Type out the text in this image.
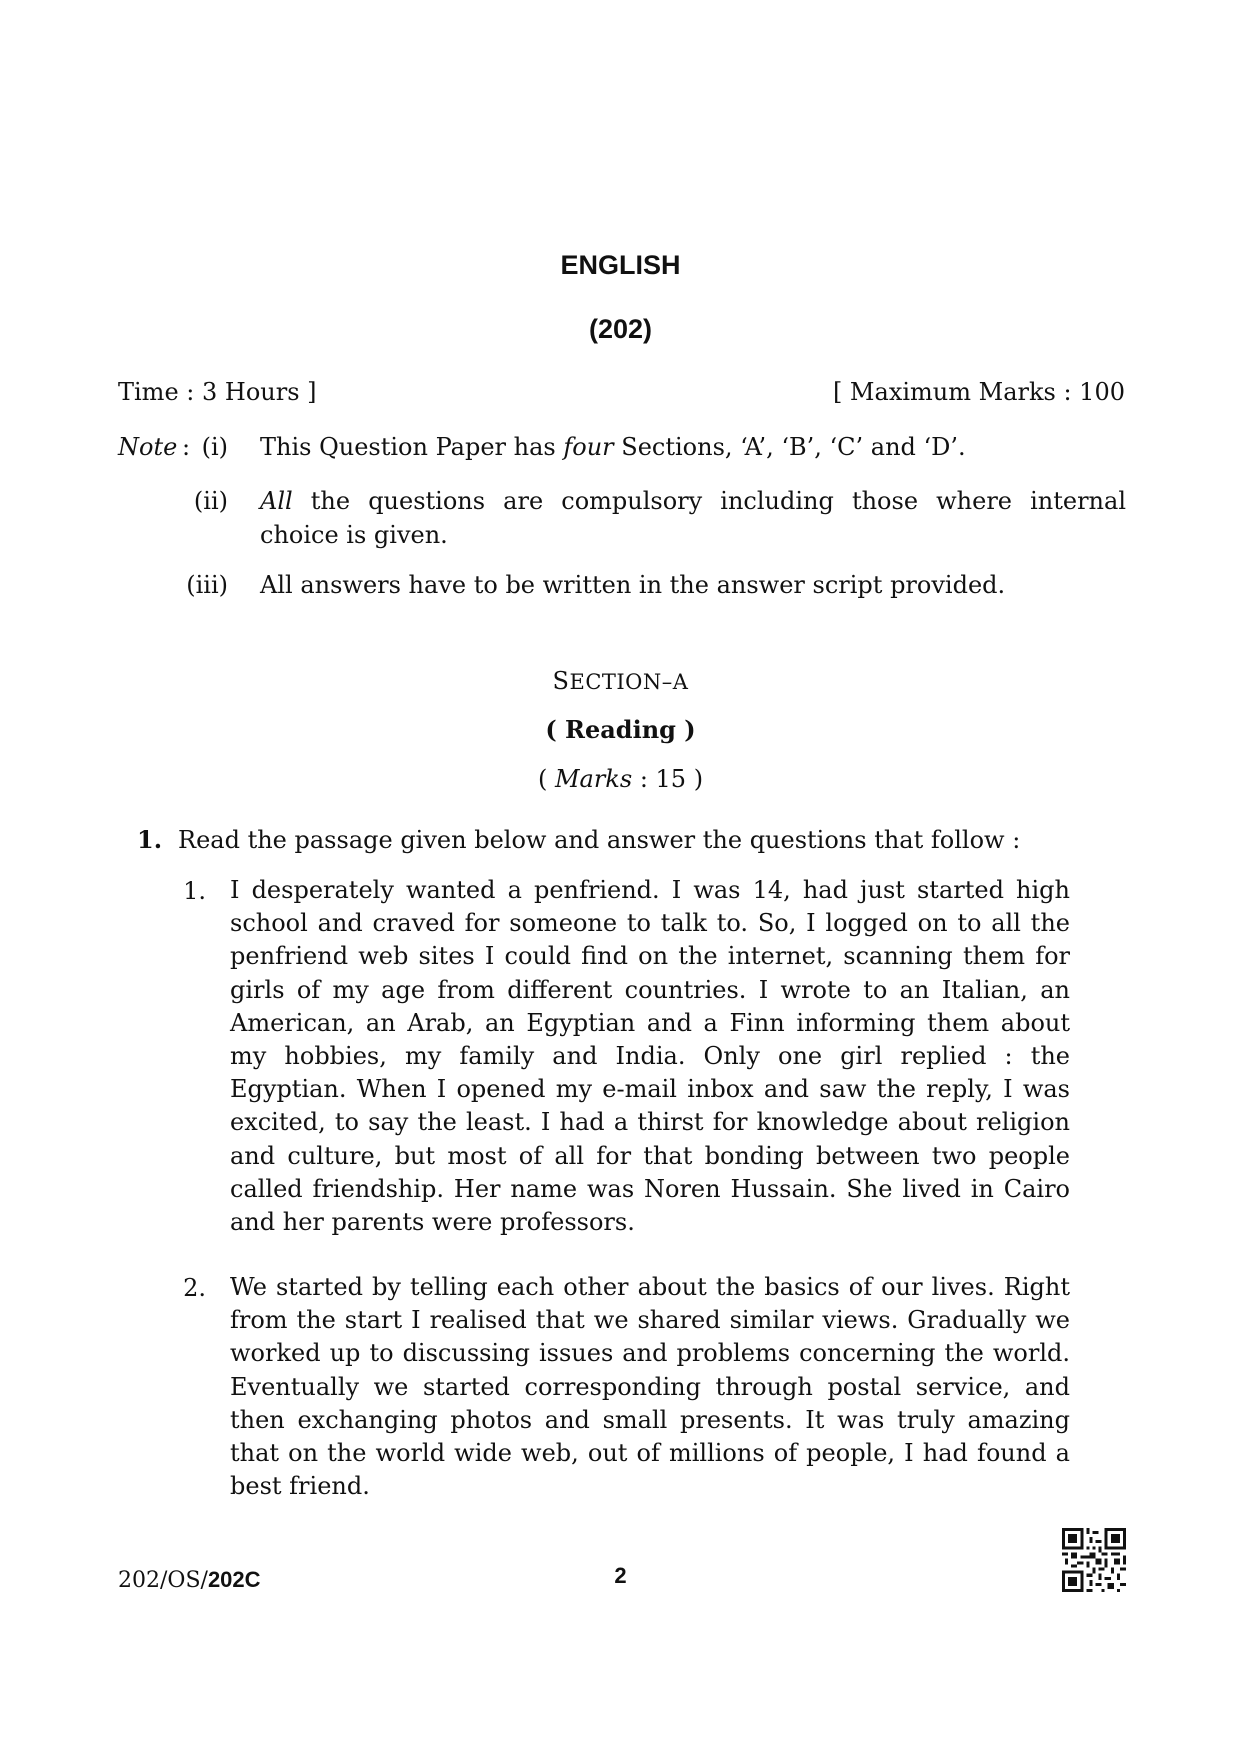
ENGLISH
(202)
Time : 3 Hours ]	[ Maximum Marks : 100
Note : (i) This Question Paper has four Sections, ‘A’, ‘B’, ‘C’ and ‘D’.
(ii) All the questions are compulsory including those where internal choice is given.
(iii) All answers have to be written in the answer script provided.
SECTION–A
( Reading )
( Marks : 15 )
1. Read the passage given below and answer the questions that follow :
1. I desperately wanted a penfriend. I was 14, had just started high school and craved for someone to talk to. So, I logged on to all the penfriend web sites I could find on the internet, scanning them for girls of my age from different countries. I wrote to an Italian, an American, an Arab, an Egyptian and a Finn informing them about my hobbies, my family and India. Only one girl replied : the Egyptian. When I opened my e-mail inbox and saw the reply, I was excited, to say the least. I had a thirst for knowledge about religion and culture, but most of all for that bonding between two people called friendship. Her name was Noren Hussain. She lived in Cairo and her parents were professors.
2. We started by telling each other about the basics of our lives. Right from the start I realised that we shared similar views. Gradually we worked up to discussing issues and problems concerning the world. Eventually we started corresponding through postal service, and then exchanging photos and small presents. It was truly amazing that on the world wide web, out of millions of people, I had found a best friend.
202/OS/202C	2
